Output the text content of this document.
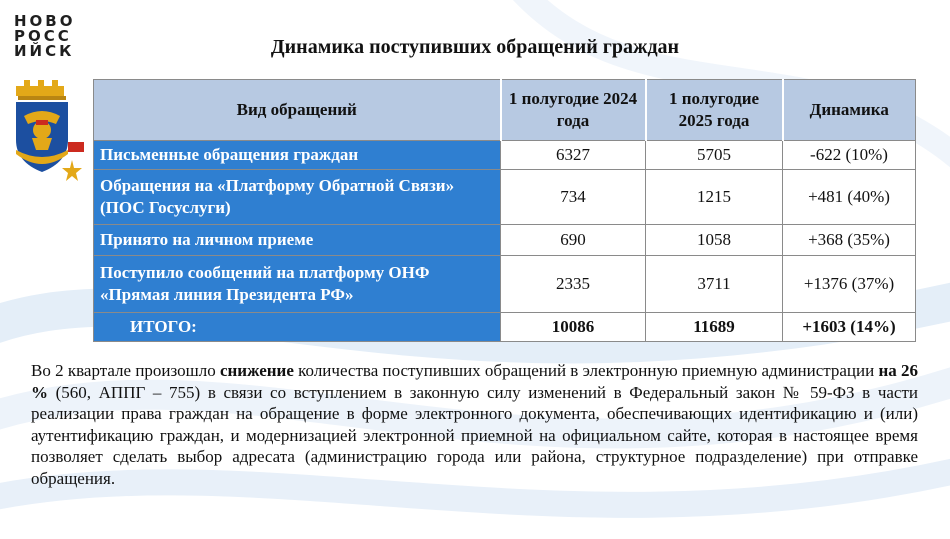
НОВО
РОСС
ИЙСК	Динамика поступивших обращений граждан
Вид обращений	1 полугодие 2024 года	1 полугодие 2025 года	Динамика
Письменные обращения граждан	6327	5705	-622 (10%)
Обращения на «Платформу Обратной Связи» (ПОС Госуслуги)	734	1215	+481 (40%)
Принято на личном приеме	690	1058	+368 (35%)
Поступило сообщений на платформу ОНФ «Прямая линия Президента РФ»	2335	3711	+1376 (37%)
ИТОГО:	10086	11689	+1603 (14%)
Во 2 квартале произошло снижение количества поступивших обращений в электронную приемную администрации на 26 % (560, АППГ – 755) в связи со вступлением в законную силу изменений в Федеральный закон № 59-ФЗ в части реализации права граждан на обращение в форме электронного документа, обеспечивающих идентификацию и (или) аутентификацию граждан, и модернизацией электронной приемной на официальном сайте, которая в настоящее время позволяет сделать выбор адресата (администрацию города или района, структурное подразделение) при отправке обращения.
